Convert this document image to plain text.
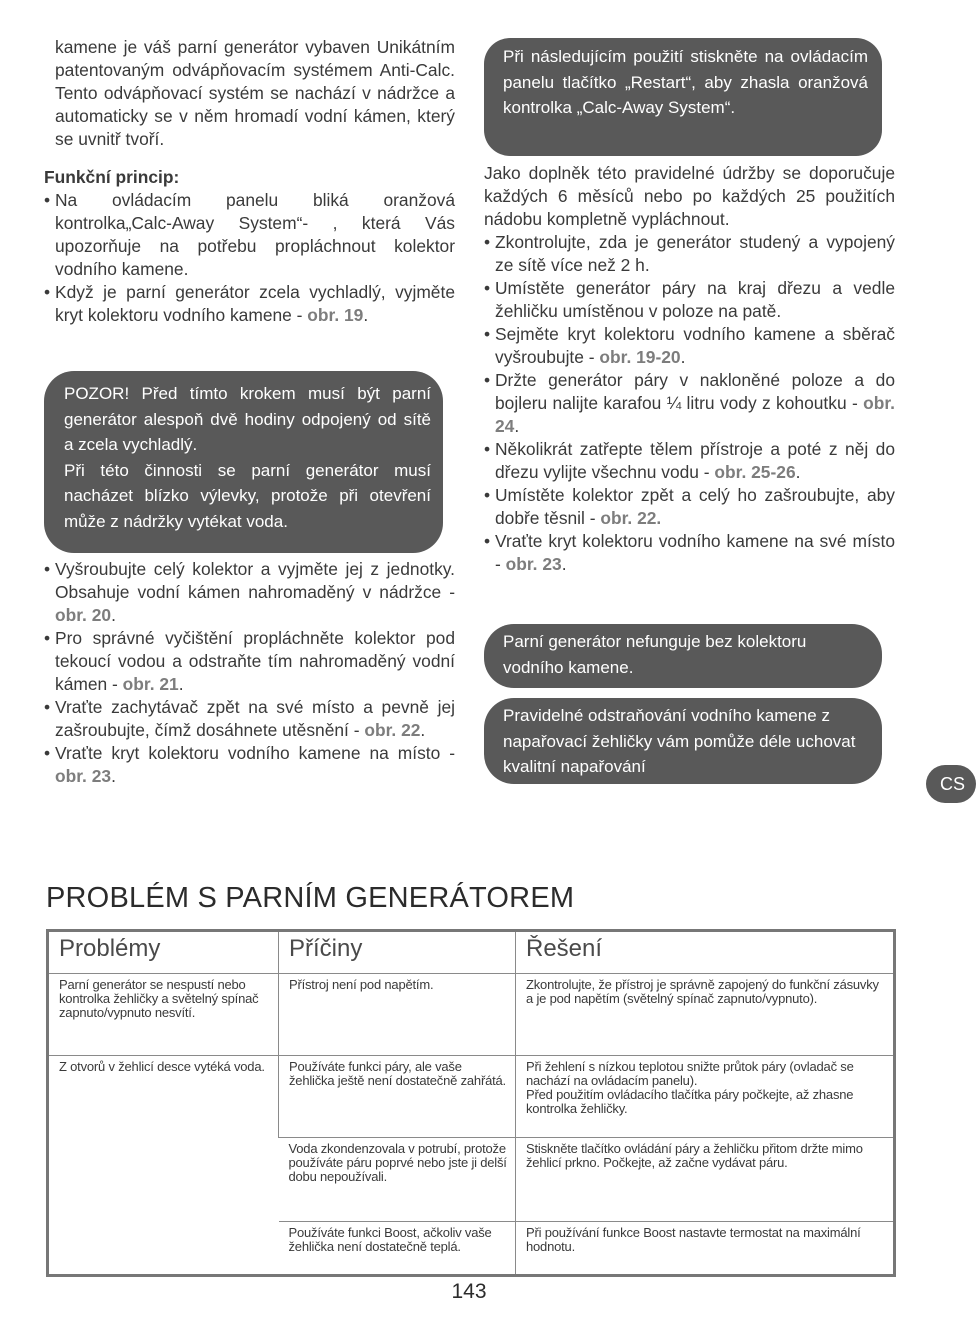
kamene je váš parní generátor vybaven Unikátním patentovaným odvápňovacím systémem Anti-Calc. Tento odvápňovací systém se nachází v nádržce a automaticky se v něm hromadí vodní kámen, který se uvnitř tvoří.

Funkční princip:

• Na ovládacím panelu bliká oranžová kontrolka„Calc-Away System“- , která Vás upozorňuje na potřebu propláchnout kolektor vodního kamene.
• Když je parní generátor zcela vychladlý, vyjměte kryt kolektoru vodního kamene - obr. 19.

POZOR! Před tímto krokem musí být parní generátor alespoň dvě hodiny odpojený od sítě a zcela vychladlý.

Při této činnosti se parní generátor musí nacházet blízko výlevky, protože při otevření může z nádržky vytékat voda.

• Vyšroubujte celý kolektor a vyjměte jej z jednotky. Obsahuje vodní kámen nahromaděný v nádržce - obr. 20.
• Pro správné vyčištění propláchněte kolektor pod tekoucí vodou a odstraňte tím nahromaděný vodní kámen - obr. 21.
• Vraťte zachytávač zpět na své místo a pevně jej zašroubujte, čímž dosáhnete utěsnění - obr. 22.
• Vraťte kryt kolektoru vodního kamene na místo - obr. 23.

Při následujícím použití stiskněte na ovládacím panelu tlačítko „Restart“, aby zhasla oranžová kontrolka „Calc-Away System“.

Jako doplněk této pravidelné údržby se doporučuje každých 6 měsíců nebo po každých 25 použitích nádobu kompletně vypláchnout.

• Zkontrolujte, zda je generátor studený a vypojený ze sítě více než 2 h.
• Umístěte generátor páry na kraj dřezu a vedle žehličku umístěnou v poloze na patě.
• Sejměte kryt kolektoru vodního kamene a sběrač vyšroubujte - obr. 19-20.
• Držte generátor páry v nakloněné poloze a do bojleru nalijte karafou ¼ litru vody z kohoutku - obr. 24.
• Několikrát zatřepte tělem přístroje a poté z něj do dřezu vylijte všechnu vodu - obr. 25-26.
• Umístěte kolektor zpět a celý ho zašroubujte, aby dobře těsnil - obr. 22.
• Vraťte kryt kolektoru vodního kamene na své místo - obr. 23.

Parní generátor nefunguje bez kolektoru vodního kamene.

Pravidelné odstraňování vodního kamene z napařovací žehličky vám pomůže déle uchovat kvalitní napařování

CS
PROBLÉM S PARNÍM GENERÁTOREM
Problémy	Příčiny	Řešení
Parní generátor se nespustí nebo kontrolka žehličky a světelný spínač zapnuto/vypnuto nesvítí.	Přístroj není pod napětím.	Zkontrolujte, že přístroj je správně zapojený do funkční zásuvky a je pod napětím (světelný spínač zapnuto/vypnuto).
Z otvorů v žehlicí desce vytéká voda.	Používáte funkci páry, ale vaše žehlička ještě není dostatečně zahřátá.	Při žehlení s nízkou teplotou snižte průtok páry (ovladač se nachází na ovládacím panelu).
Před použitím ovládacího tlačítka páry počkejte, až zhasne kontrolka žehličky.

	Voda zkondenzovala v potrubí, protože používáte páru poprvé nebo jste ji delší dobu nepoužívali.	Stiskněte tlačítko ovládání páry a žehličku přitom držte mimo žehlicí prkno. Počkejte, až začne vydávat páru.
	Používáte funkci Boost, ačkoliv vaše žehlička není dostatečně teplá.	Při používání funkce Boost nastavte termostat na maximální hodnotu.
143
